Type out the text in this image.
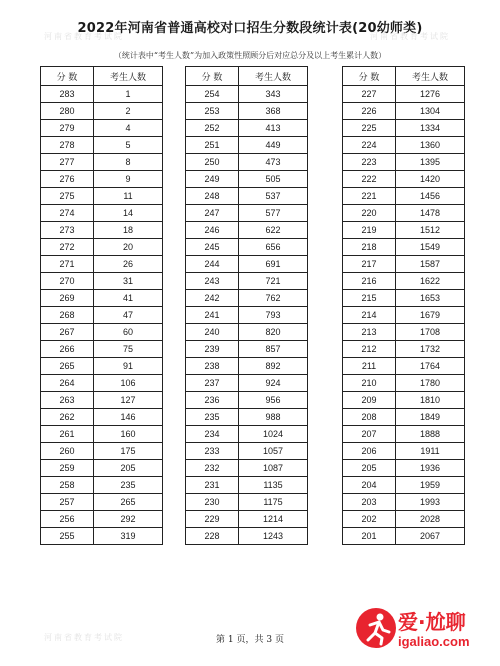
2022年河南省普通高校对口招生分数段统计表(20幼师类)
（统计表中“考生人数”为加入政策性照顾分后对应总分及以上考生累计人数）
河南省教育考试院	河南省教育考试院
河南省教育考试院
分 数	考生人数
283	1
280	2
279	4
278	5
277	8
276	9
275	11
274	14
273	18
272	20
271	26
270	31
269	41
268	47
267	60
266	75
265	91
264	106
263	127
262	146
261	160
260	175
259	205
258	235
257	265
256	292
255	319
分 数	考生人数
254	343
253	368
252	413
251	449
250	473
249	505
248	537
247	577
246	622
245	656
244	691
243	721
242	762
241	793
240	820
239	857
238	892
237	924
236	956
235	988
234	1024
233	1057
232	1087
231	1135
230	1175
229	1214
228	1243
分 数	考生人数
227	1276
226	1304
225	1334
224	1360
223	1395
222	1420
221	1456
220	1478
219	1512
218	1549
217	1587
216	1622
215	1653
214	1679
213	1708
212	1732
211	1764
210	1780
209	1810
208	1849
207	1888
206	1911
205	1936
204	1959
203	1993
202	2028
201	2067
第 1 页，共 3 页
爱·尬聊
igaliao.com
